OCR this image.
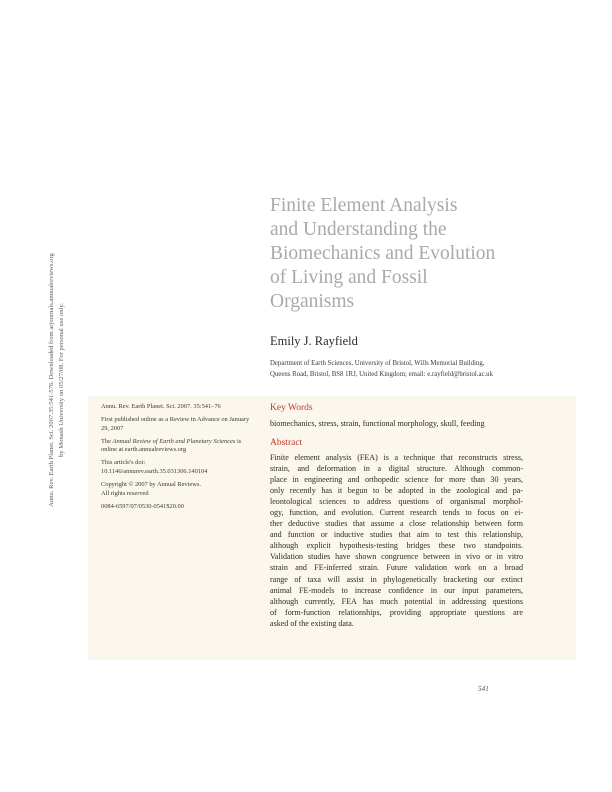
Annu. Rev. Earth Planet. Sci. 2007.35:541-576. Downloaded from arjournals.annualreviews.org by Monash University on 05/27/08. For personal use only.
Finite Element Analysis
and Understanding the
Biomechanics and Evolution
of Living and Fossil
Organisms
Emily J. Rayfield
Department of Earth Sciences, University of Bristol, Wills Memorial Building,
Queens Road, Bristol, BS8 1RJ, United Kingdom; email: e.rayfield@bristol.ac.uk

Annu. Rev. Earth Planet. Sci. 2007. 35:541–76

First published online as a Review in Advance on January 29, 2007

The Annual Review of Earth and Planetary Sciences is online at earth.annualreviews.org

This article's doi:
10.1146/annurev.earth.35.031306.140104

Copyright © 2007 by Annual Reviews.
All rights reserved

0084-6597/07/0530-0541$20.00

Key Words
biomechanics, stress, strain, functional morphology, skull, feeding
Abstract
Finite element analysis (FEA) is a technique that reconstructs stress,
strain, and deformation in a digital structure. Although common-
place in engineering and orthopedic science for more than 30 years,
only recently has it begun to be adopted in the zoological and pa-
leontological sciences to address questions of organismal morphol-
ogy, function, and evolution. Current research tends to focus on ei-
ther deductive studies that assume a close relationship between form
and function or inductive studies that aim to test this relationship,
although explicit hypothesis-testing bridges these two standpoints.
Validation studies have shown congruence between in vivo or in vitro
strain and FE-inferred strain. Future validation work on a broad
range of taxa will assist in phylogenetically bracketing our extinct
animal FE-models to increase confidence in our input parameters,
although currently, FEA has much potential in addressing questions
of form-function relationships, providing appropriate questions are
asked of the existing data.
541
